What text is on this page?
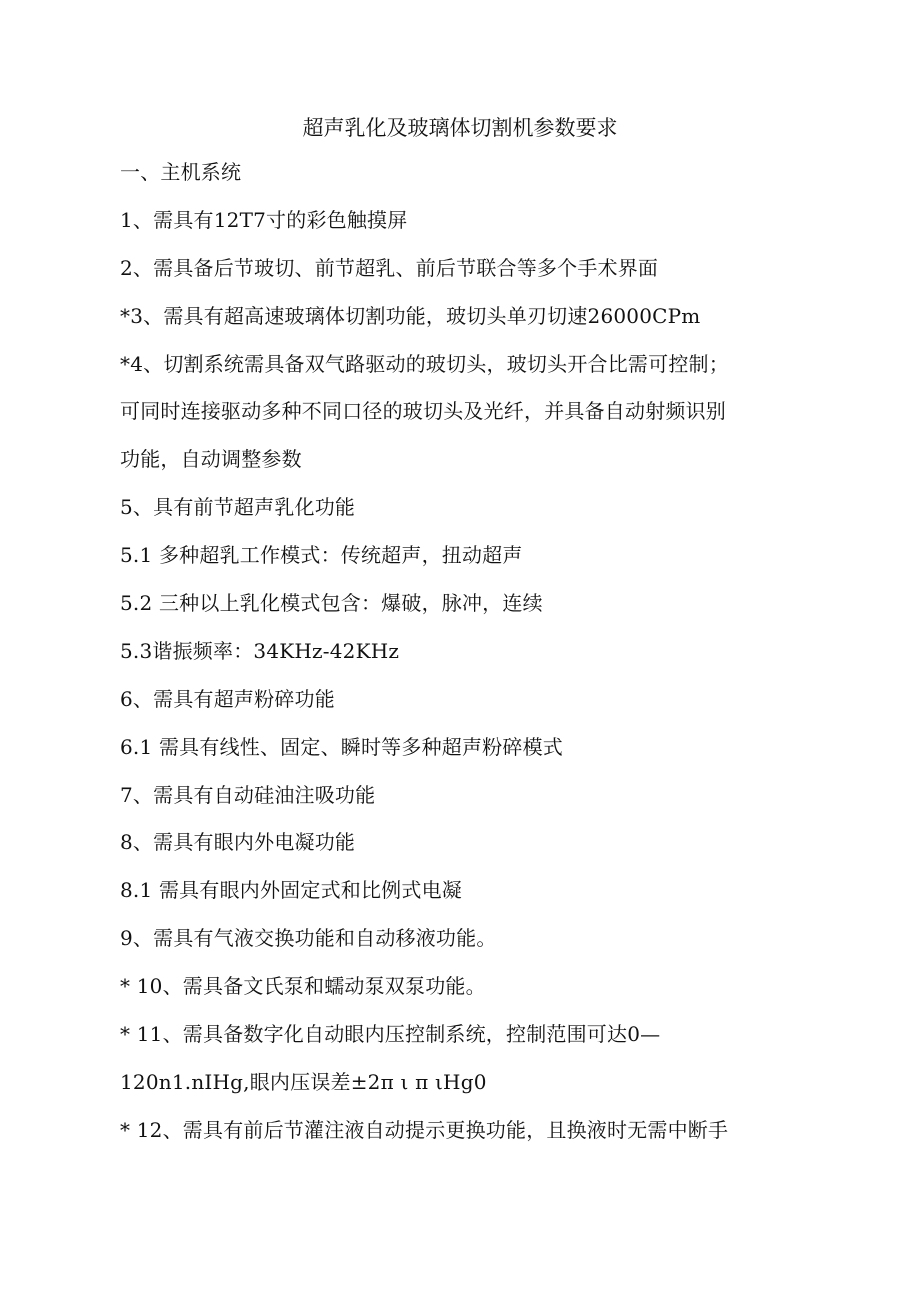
超声乳化及玻璃体切割机参数要求
一、主机系统
1、需具有12T7寸的彩色触摸屏
2、需具备后节玻切、前节超乳、前后节联合等多个手术界面
*3、需具有超高速玻璃体切割功能，玻切头单刃切速26000CPm
*4、切割系统需具备双气路驱动的玻切头，玻切头开合比需可控制；
可同时连接驱动多种不同口径的玻切头及光纤，并具备自动射频识别
功能，自动调整参数
5、具有前节超声乳化功能
5.1 多种超乳工作模式：传统超声，扭动超声
5.2 三种以上乳化模式包含：爆破，脉冲，连续
5.3谐振频率：34KHz-42KHz
6、需具有超声粉碎功能
6.1 需具有线性、固定、瞬时等多种超声粉碎模式
7、需具有自动硅油注吸功能
8、需具有眼内外电凝功能
8.1 需具有眼内外固定式和比例式电凝
9、需具有气液交换功能和自动移液功能。
* 10、需具备文氏泵和蠕动泵双泵功能。
* 11、需具备数字化自动眼内压控制系统，控制范围可达0—
120n1.nIHg,眼内压误差±2π ι π ιHg0
* 12、需具有前后节灌注液自动提示更换功能，且换液时无需中断手
